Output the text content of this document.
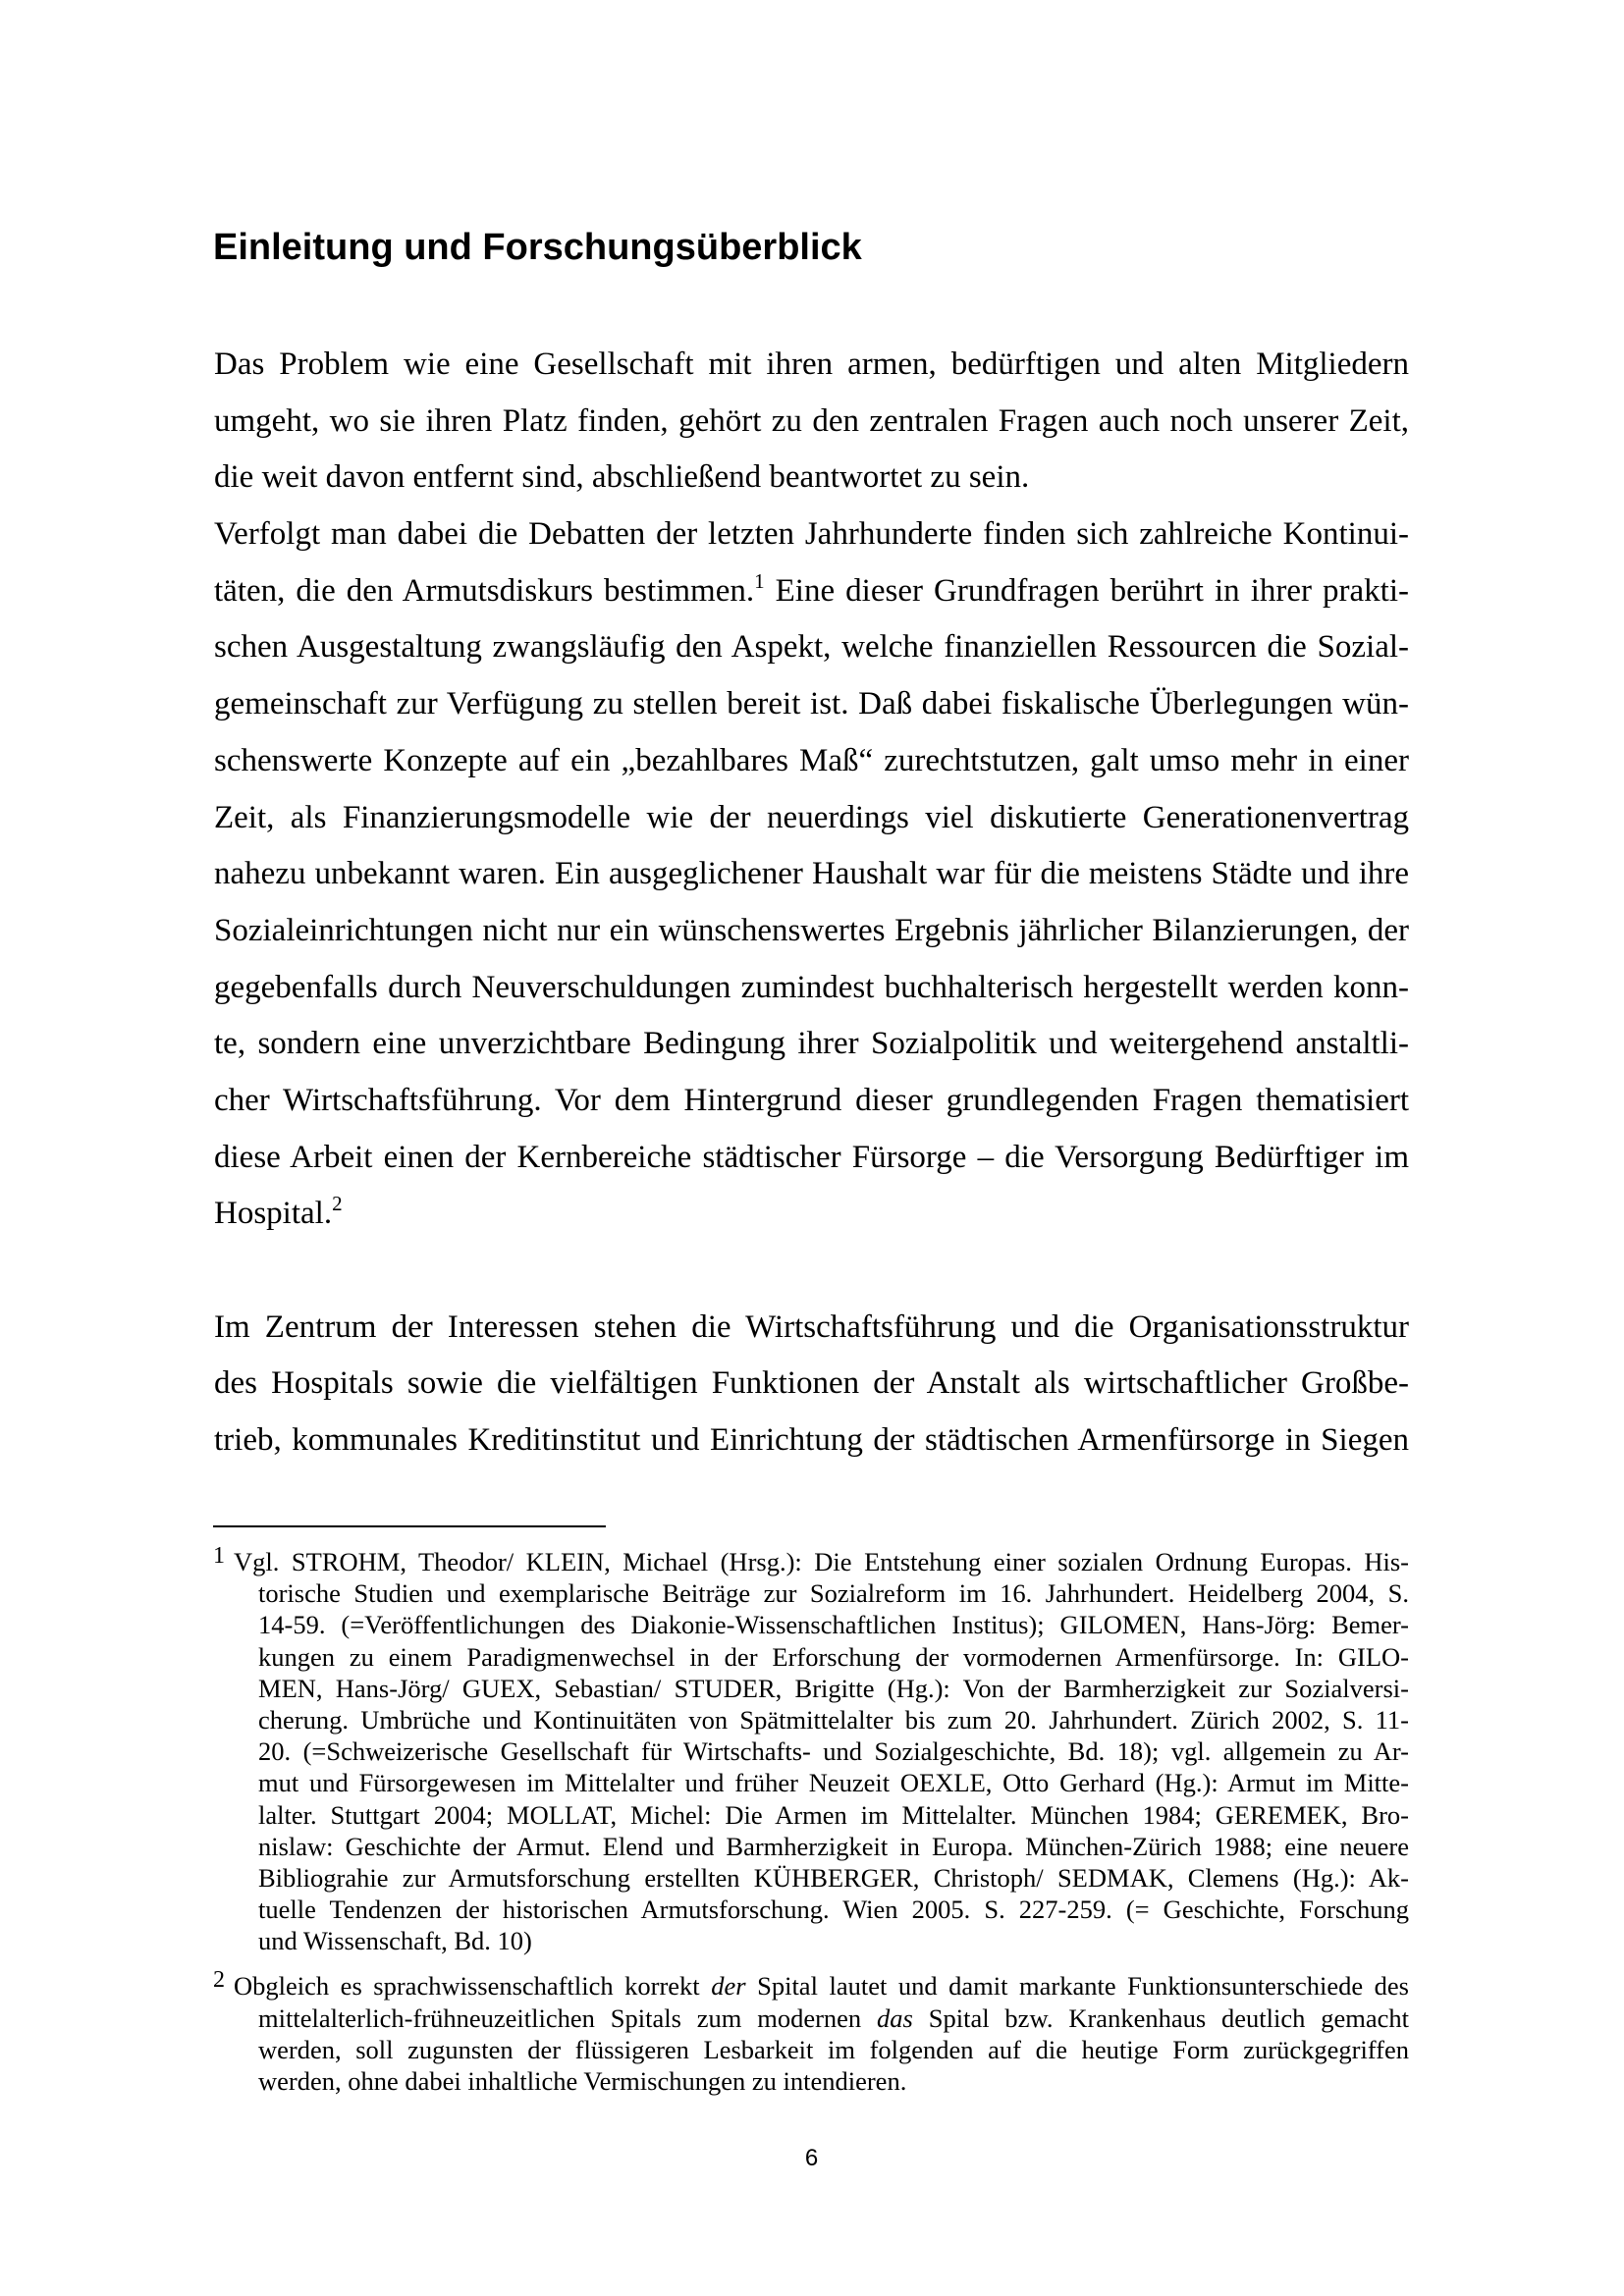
Einleitung und Forschungsüberblick
Das Problem wie eine Gesellschaft mit ihren armen, bedürftigen und alten Mitgliedern
umgeht, wo sie ihren Platz finden, gehört zu den zentralen Fragen auch noch unserer Zeit,
die weit davon entfernt sind, abschließend beantwortet zu sein.
Verfolgt man dabei die Debatten der letzten Jahrhunderte finden sich zahlreiche Kontinui-
täten, die den Armutsdiskurs bestimmen.$^1$ Eine dieser Grundfragen berührt in ihrer prakti-
schen Ausgestaltung zwangsläufig den Aspekt, welche finanziellen Ressourcen die Sozial-
gemeinschaft zur Verfügung zu stellen bereit ist. Daß dabei fiskalische Überlegungen wün-
schenswerte Konzepte auf ein „bezahlbares Maß“ zurechtstutzen, galt umso mehr in einer
Zeit, als Finanzierungsmodelle wie der neuerdings viel diskutierte Generationenvertrag
nahezu unbekannt waren. Ein ausgeglichener Haushalt war für die meistens Städte und ihre
Sozialeinrichtungen nicht nur ein wünschenswertes Ergebnis jährlicher Bilanzierungen, der
gegebenfalls durch Neuverschuldungen zumindest buchhalterisch hergestellt werden konn-
te, sondern eine unverzichtbare Bedingung ihrer Sozialpolitik und weitergehend anstaltli-
cher Wirtschaftsführung. Vor dem Hintergrund dieser grundlegenden Fragen thematisiert
diese Arbeit einen der Kernbereiche städtischer Fürsorge – die Versorgung Bedürftiger im
Hospital.$^2$
Im Zentrum der Interessen stehen die Wirtschaftsführung und die Organisationsstruktur
des Hospitals sowie die vielfältigen Funktionen der Anstalt als wirtschaftlicher Großbe-
trieb, kommunales Kreditinstitut und Einrichtung der städtischen Armenfürsorge in Siegen
1 Vgl. STROHM, Theodor/ KLEIN, Michael (Hrsg.): Die Entstehung einer sozialen Ordnung Europas. His-
torische Studien und exemplarische Beiträge zur Sozialreform im 16. Jahrhundert. Heidelberg 2004, S.
14-59. (=Veröffentlichungen des Diakonie-Wissenschaftlichen Institus); GILOMEN, Hans-Jörg: Bemer-
kungen zu einem Paradigmenwechsel in der Erforschung der vormodernen Armenfürsorge. In: GILO-
MEN, Hans-Jörg/ GUEX, Sebastian/ STUDER, Brigitte (Hg.): Von der Barmherzigkeit zur Sozialversi-
cherung. Umbrüche und Kontinuitäten von Spätmittelalter bis zum 20. Jahrhundert. Zürich 2002, S. 11-
20. (=Schweizerische Gesellschaft für Wirtschafts- und Sozialgeschichte, Bd. 18); vgl. allgemein zu Ar-
mut und Fürsorgewesen im Mittelalter und früher Neuzeit OEXLE, Otto Gerhard (Hg.): Armut im Mitte-
lalter. Stuttgart 2004; MOLLAT, Michel: Die Armen im Mittelalter. München 1984; GEREMEK, Bro-
nislaw: Geschichte der Armut. Elend und Barmherzigkeit in Europa. München-Zürich 1988; eine neuere
Bibliograhie zur Armutsforschung erstellten KÜHBERGER, Christoph/ SEDMAK, Clemens (Hg.): Ak-
tuelle Tendenzen der historischen Armutsforschung. Wien 2005. S. 227-259. (= Geschichte, Forschung
und Wissenschaft, Bd. 10)
2 Obgleich es sprachwissenschaftlich korrekt der Spital lautet und damit markante Funktionsunterschiede des
mittelalterlich-frühneuzeitlichen Spitals zum modernen das Spital bzw. Krankenhaus deutlich gemacht
werden, soll zugunsten der flüssigeren Lesbarkeit im folgenden auf die heutige Form zurückgegriffen
werden, ohne dabei inhaltliche Vermischungen zu intendieren.
6
